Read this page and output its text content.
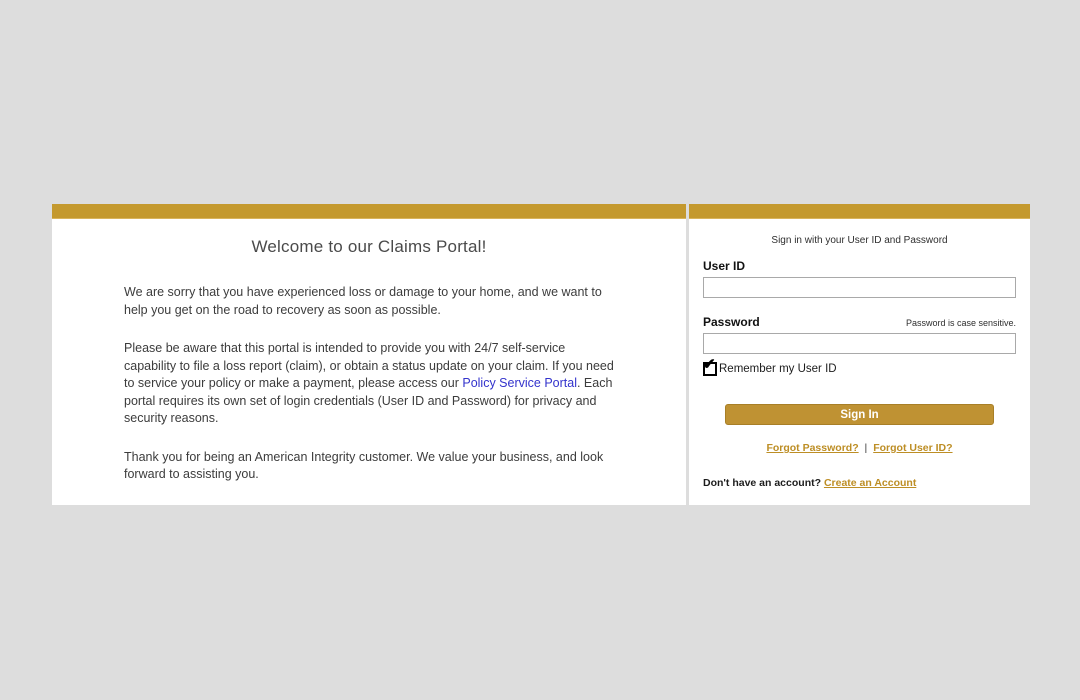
Welcome to our Claims Portal!

We are sorry that you have experienced loss or damage to your home, and we want to help you get on the road to recovery as soon as possible.

Please be aware that this portal is intended to provide you with 24/7 self-service capability to file a loss report (claim), or obtain a status update on your claim. If you need to service your policy or make a payment, please access our Policy Service Portal. Each portal requires its own set of login credentials (User ID and Password) for privacy and security reasons.

Thank you for being an American Integrity customer. We value your business, and look forward to assisting you.

Sign in with your User ID and Password
User ID
Password	Password is case sensitive.
✔ Remember my User ID
Sign In
Forgot Password? | Forgot User ID?
Don't have an account? Create an Account
